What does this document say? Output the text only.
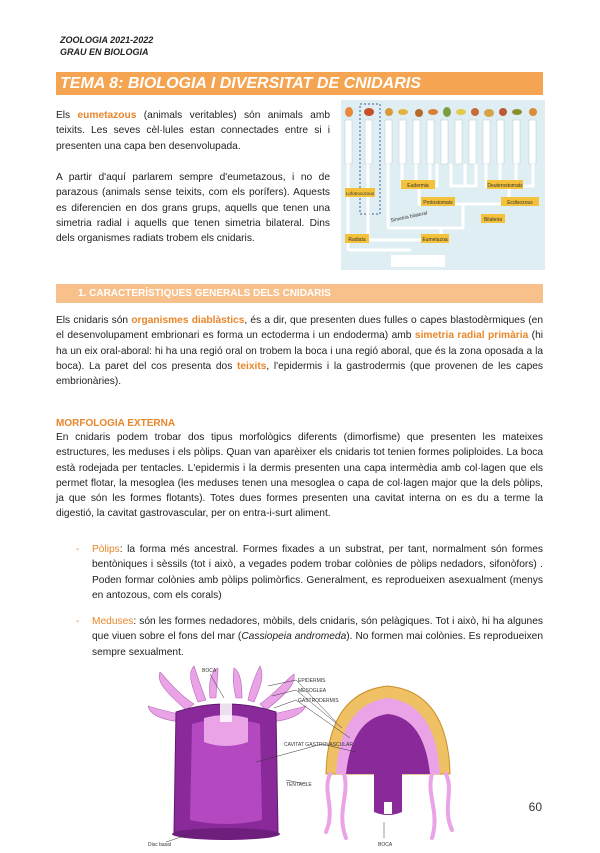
ZOOLOGIA 2021-2022
GRAU EN BIOLOGIA
TEMA 8: BIOLOGIA I DIVERSITAT DE CNIDARIS
Els eumetazous (animals veritables) són animals amb teixits. Les seves cèl·lules estan connectades entre si i presenten una capa ben desenvolupada.
A partir d'aquí parlarem sempre d'eumetazous, i no de parazous (animals sense teixits, com els porífers). Aquests es diferencien en dos grans grups, aquells que tenen una simetria radial i aquells que tenen simetria bilateral. Dins dels organismes radiats trobem els cnidaris.
Eudermia	Deuterostomats
Protostomats	Ecdisozous
Lofotrocozous
Bilateria
Radiata	Eumetazoa
Simetria bilateral
1. CARACTERÍSTIQUES GENERALS DELS CNIDARIS
Els cnidaris són organismes diablàstics, és a dir, que presenten dues fulles o capes blastodèrmiques (en el desenvolupament embrionari es forma un ectoderma i un endoderma) amb simetria radial primària (hi ha un eix oral-aboral: hi ha una regió oral on trobem la boca i una regió aboral, que és la zona oposada a la boca). La paret del cos presenta dos teixits, l'epidermis i la gastrodermis (que provenen de les capes embrionàries).
MORFOLOGIA EXTERNA
En cnidaris podem trobar dos tipus morfològics diferents (dimorfisme) que presenten les mateixes estructures, les meduses i els pòlips. Quan van aparèixer els cnidaris tot tenien formes poliploides. La boca està rodejada per tentacles. L'epidermis i la dermis presenten una capa intermèdia amb col·lagen que els permet flotar, la mesoglea (les meduses tenen una mesoglea o capa de col·lagen major que la dels pòlips, ja que són les formes flotants). Totes dues formes presenten una cavitat interna on es du a terme la digestió, la cavitat gastrovascular, per on entra-i-surt aliment.
- Pòlips: la forma més ancestral. Formes fixades a un substrat, per tant, normalment són formes bentòniques i sèssils (tot i això, a vegades podem trobar colònies de pòlips nedadors, sifonòfors) . Poden formar colònies amb pòlips polimòrfics. Generalment, es reprodueixen asexualment (menys en antozous, com els corals)
- Meduses: són les formes nedadores, mòbils, dels cnidaris, són pelàgiques. Tot i això, hi ha algunes que viuen sobre el fons del mar (Cassiopeia andromeda). No formen mai colònies. Es reprodueixen sempre sexualment.
BOCA
EPIDERMIS
MESOGLEA
GASTRODERMIS
CAVITAT GASTROVASCULAR
TENTACLE
Disc basal	BOCA
60
